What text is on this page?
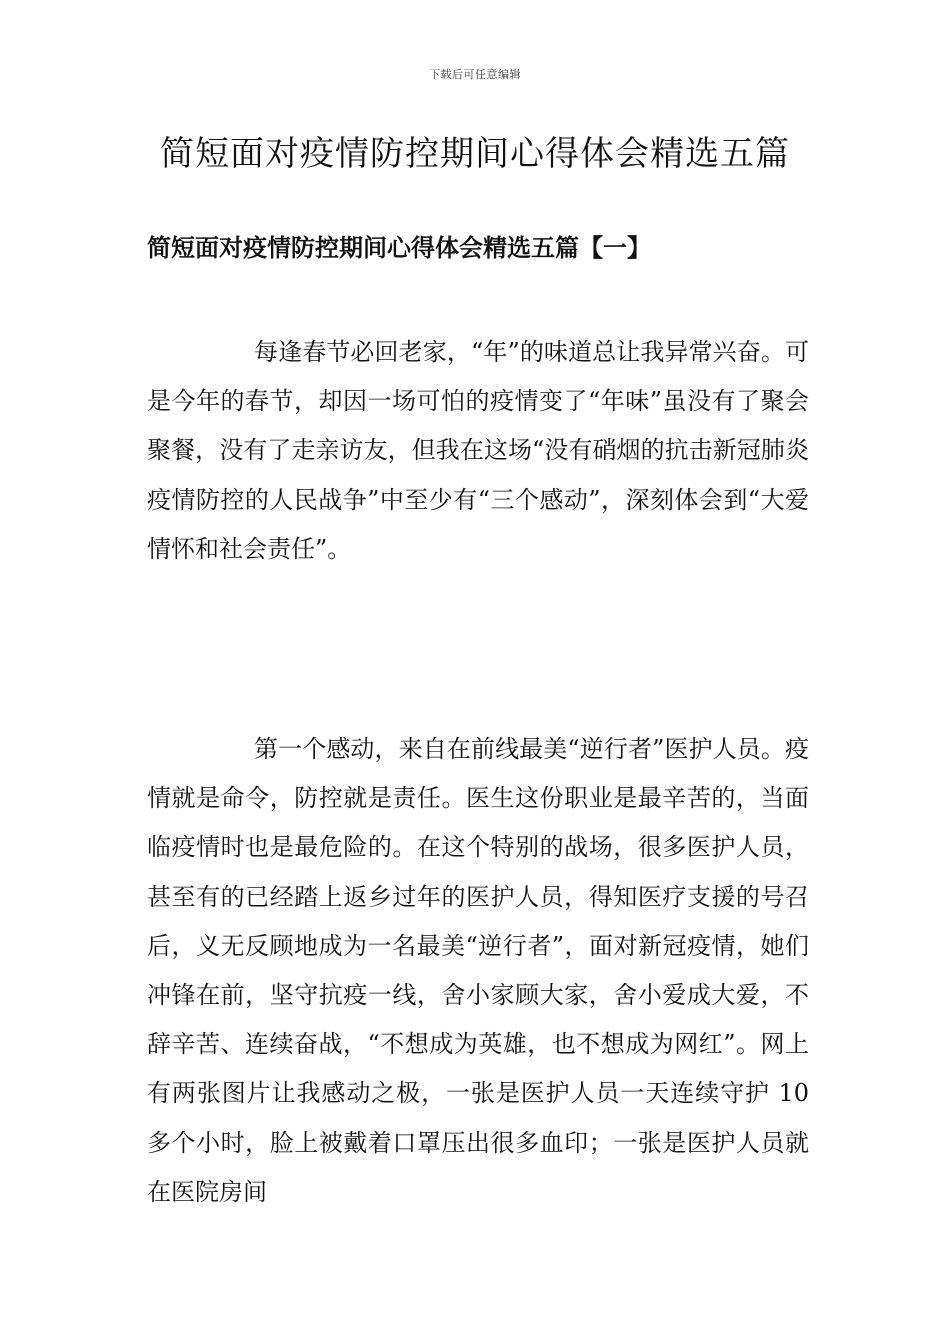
下载后可任意编辑
简短面对疫情防控期间心得体会精选五篇
简短面对疫情防控期间心得体会精选五篇【一】

每逢春节必回老家，“年”的味道总让我异常兴奋。可是今年的春节，却因一场可怕的疫情变了“年味”虽没有了聚会聚餐，没有了走亲访友，但我在这场“没有硝烟的抗击新冠肺炎疫情防控的人民战争”中至少有“三个感动”，深刻体会到“大爱情怀和社会责任”。

第一个感动，来自在前线最美“逆行者”医护人员。疫情就是命令，防控就是责任。医生这份职业是最辛苦的，当面临疫情时也是最危险的。在这个特别的战场，很多医护人员，甚至有的已经踏上返乡过年的医护人员，得知医疗支援的号召后，义无反顾地成为一名最美“逆行者”，面对新冠疫情，她们冲锋在前，坚守抗疫一线，舍小家顾大家，舍小爱成大爱，不辞辛苦、连续奋战，“不想成为英雄，也不想成为网红”。网上有两张图片让我感动之极，一张是医护人员一天连续守护 10 多个小时，脸上被戴着口罩压出很多血印；一张是医护人员就在医院房间
